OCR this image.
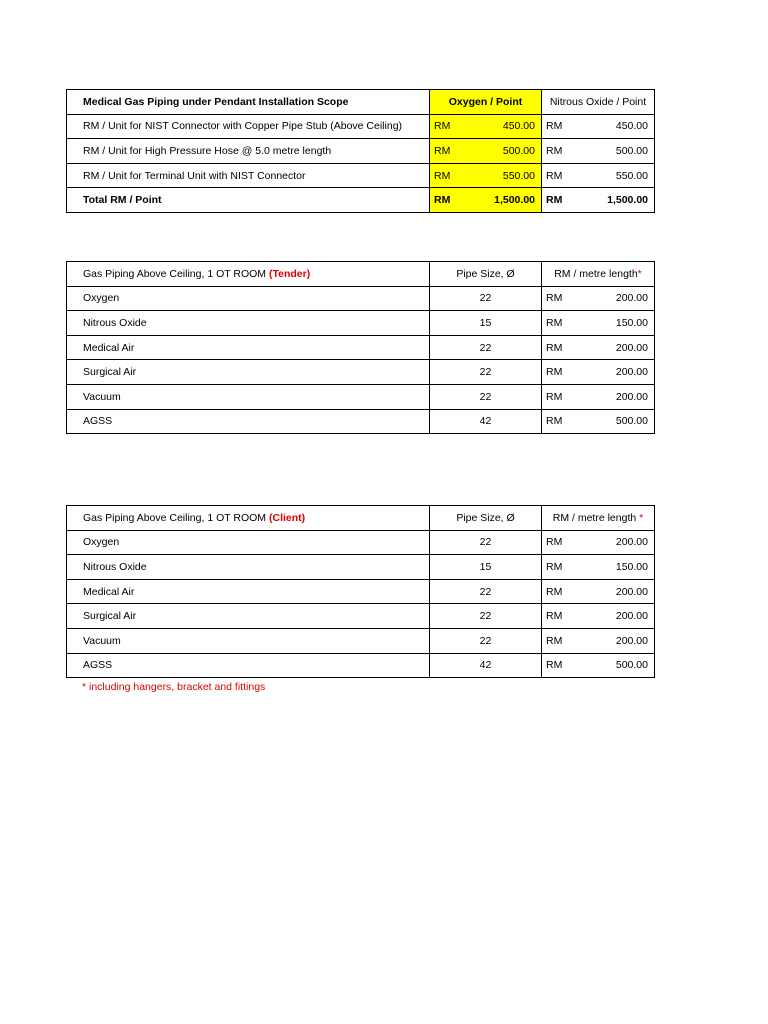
Medical Gas Piping under Pendant Installation Scope	Oxygen / Point	Nitrous Oxide / Point
RM / Unit for NIST Connector with Copper Pipe Stub (Above Ceiling)	RM 450.00	RM 450.00

RM / Unit for High Pressure Hose @ 5.0 metre length	RM 500.00	RM 500.00

RM / Unit for Terminal Unit with NIST Connector	RM 550.00	RM 550.00

Total RM / Point	RM 1,500.00	RM 1,500.00
Gas Piping Above Ceiling, 1 OT ROOM (Tender)	Pipe Size, Ø	RM / metre length*
Oxygen	22	RM 200.00

Nitrous Oxide	15	RM 150.00

Medical Air	22	RM 200.00

Surgical Air	22	RM 200.00

Vacuum	22	RM 200.00

AGSS	42	RM 500.00
Gas Piping Above Ceiling, 1 OT ROOM (Client)	Pipe Size, Ø	RM / metre length *
Oxygen	22	RM 200.00

Nitrous Oxide	15	RM 150.00

Medical Air	22	RM 200.00

Surgical Air	22	RM 200.00

Vacuum	22	RM 200.00

AGSS	42	RM 500.00
* including hangers, bracket and fittings
